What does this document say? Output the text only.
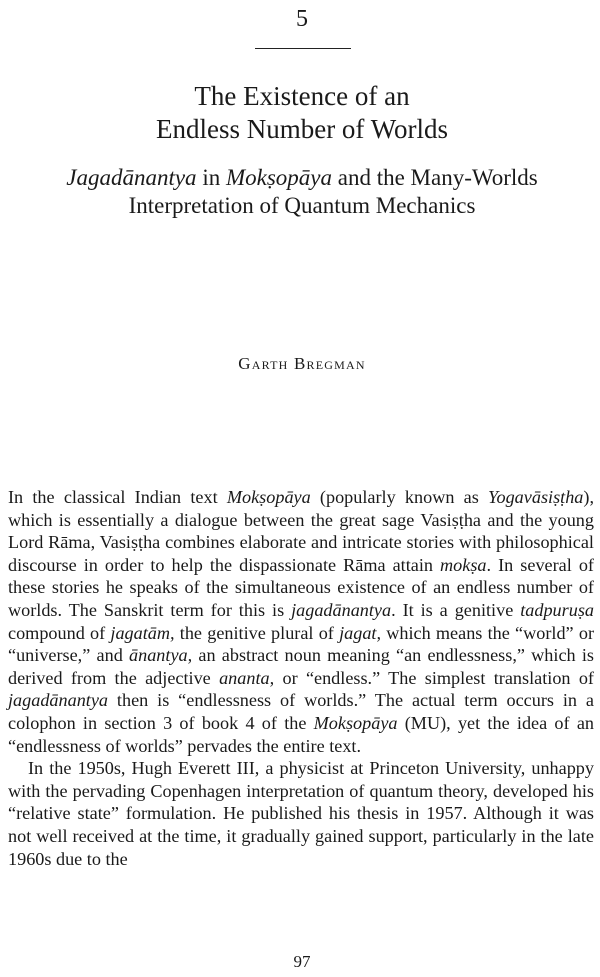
5
The Existence of an
Endless Number of Worlds
Jagadānantya in Mokṣopāya and the Many-Worlds
Interpretation of Quantum Mechanics
Garth Bregman

In the classical Indian text Mokṣopāya (popularly known as Yogavāsiṣṭha), which is essentially a dialogue between the great sage Vasiṣṭha and the young Lord Rāma, Vasiṣṭha combines elaborate and intricate stories with philosophical discourse in order to help the dispassionate Rāma attain mokṣa. In several of these stories he speaks of the simultaneous existence of an endless number of worlds. The Sanskrit term for this is jagadānantya. It is a genitive tadpuruṣa compound of jagatām, the genitive plural of jagat, which means the “world” or “universe,” and ānantya, an abstract noun meaning “an endlessness,” which is derived from the adjective ananta, or “endless.” The simplest translation of jagadānantya then is “endlessness of worlds.” The actual term occurs in a colophon in section 3 of book 4 of the Mokṣopāya (MU), yet the idea of an “endlessness of worlds” pervades the entire text.

In the 1950s, Hugh Everett III, a physicist at Princeton University, unhappy with the pervading Copenhagen interpretation of quantum theory, developed his “relative state” formulation. He published his thesis in 1957. Although it was not well received at the time, it gradually gained support, particularly in the late 1960s due to the

97
